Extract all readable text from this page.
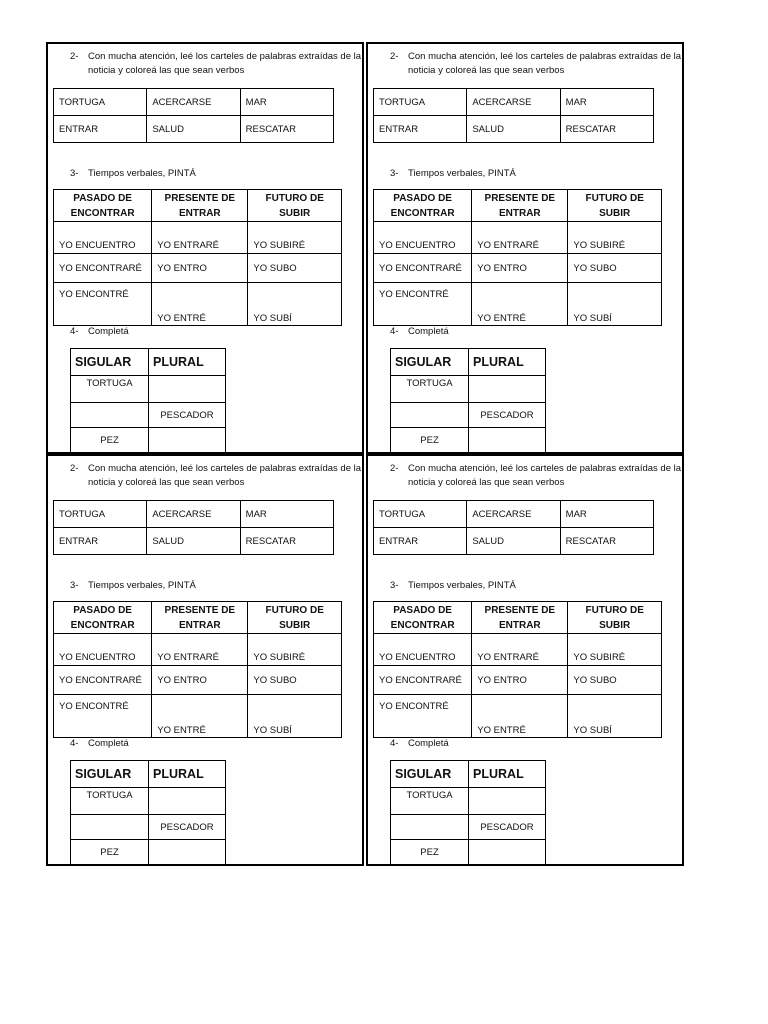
2- Con mucha atención, leé los carteles de palabras extraídas de la
noticia y coloreá las que sean verbos
TORTUGA	ACERCARSE	MAR
ENTRAR	SALUD	RESCATAR
3- Tiempos verbales, PINTÁ
PASADO DE ENCONTRAR	PRESENTE DE ENTRAR	FUTURO DE SUBIR
YO ENCUENTRO	YO ENTRARÉ	YO SUBIRÉ
YO ENCONTRARÉ	YO ENTRO	YO SUBO
YO ENCONTRÉ	YO ENTRÉ	YO SUBÍ
4- Completá
SIGULAR	PLURAL
TORTUGA	
	PESCADOR
PEZ	
2- Con mucha atención, leé los carteles de palabras extraídas de la
noticia y coloreá las que sean verbos
TORTUGA	ACERCARSE	MAR
ENTRAR	SALUD	RESCATAR
3- Tiempos verbales, PINTÁ
PASADO DE ENCONTRAR	PRESENTE DE ENTRAR	FUTURO DE SUBIR
YO ENCUENTRO	YO ENTRARÉ	YO SUBIRÉ
YO ENCONTRARÉ	YO ENTRO	YO SUBO
YO ENCONTRÉ	YO ENTRÉ	YO SUBÍ
4- Completá
SIGULAR	PLURAL
TORTUGA	
	PESCADOR
PEZ	
2- Con mucha atención, leé los carteles de palabras extraídas de la
noticia y coloreá las que sean verbos
TORTUGA	ACERCARSE	MAR
ENTRAR	SALUD	RESCATAR
3- Tiempos verbales, PINTÁ
PASADO DE ENCONTRAR	PRESENTE DE ENTRAR	FUTURO DE SUBIR
YO ENCUENTRO	YO ENTRARÉ	YO SUBIRÉ
YO ENCONTRARÉ	YO ENTRO	YO SUBO
YO ENCONTRÉ	YO ENTRÉ	YO SUBÍ
4- Completá
SIGULAR	PLURAL
TORTUGA	
	PESCADOR
PEZ	
2- Con mucha atención, leé los carteles de palabras extraídas de la
noticia y coloreá las que sean verbos
TORTUGA	ACERCARSE	MAR
ENTRAR	SALUD	RESCATAR
3- Tiempos verbales, PINTÁ
PASADO DE ENCONTRAR	PRESENTE DE ENTRAR	FUTURO DE SUBIR
YO ENCUENTRO	YO ENTRARÉ	YO SUBIRÉ
YO ENCONTRARÉ	YO ENTRO	YO SUBO
YO ENCONTRÉ	YO ENTRÉ	YO SUBÍ
4- Completá
SIGULAR	PLURAL
TORTUGA	
	PESCADOR
PEZ	
